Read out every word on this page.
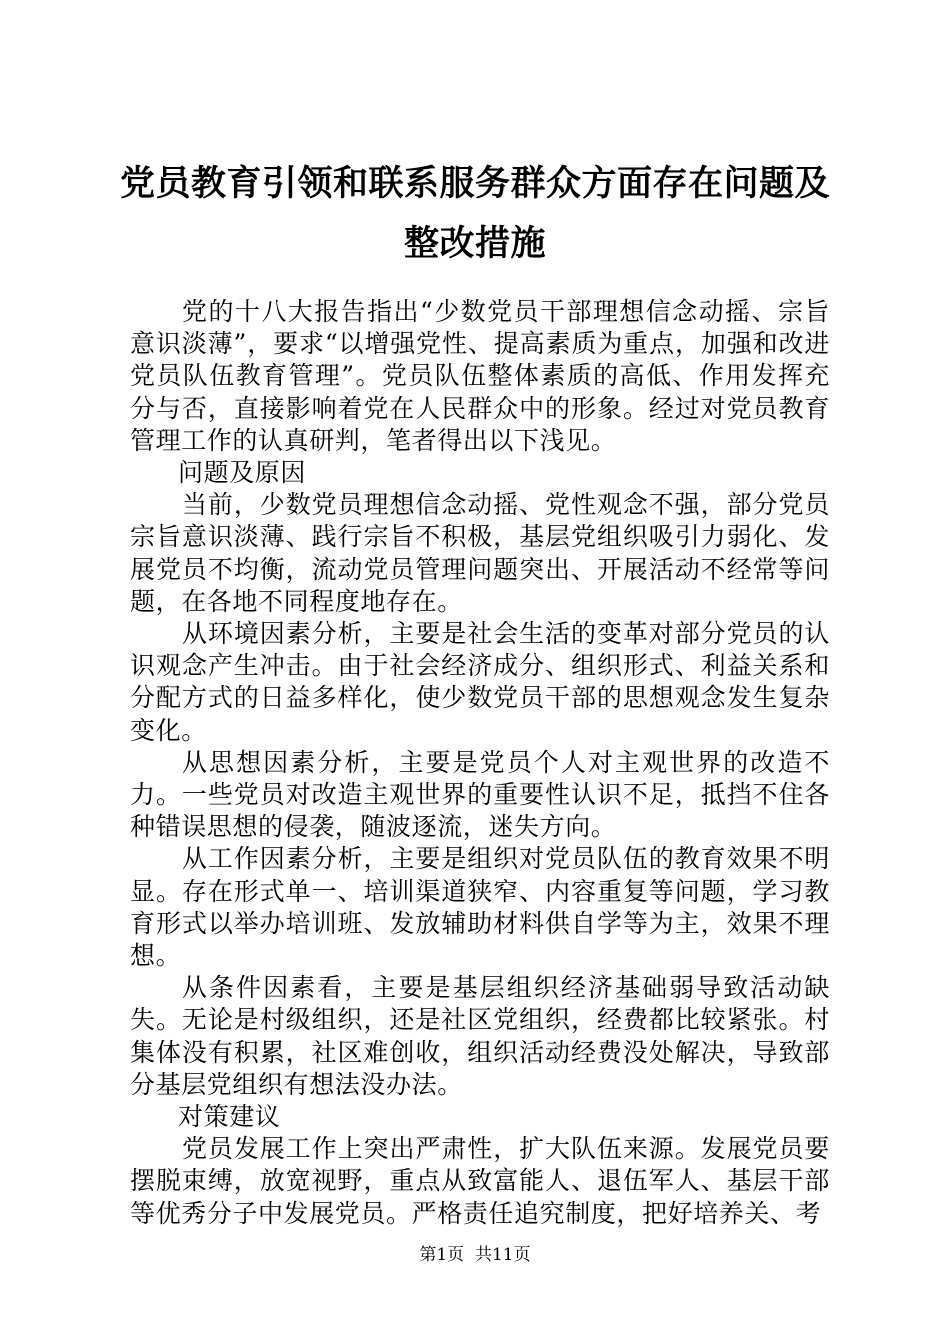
党员教育引领和联系服务群众方面存在问题及
整改措施

党的十八大报告指出“少数党员干部理想信念动摇、宗旨意识淡薄”，要求“以增强党性、提高素质为重点，加强和改进党员队伍教育管理”。党员队伍整体素质的高低、作用发挥充分与否，直接影响着党在人民群众中的形象。经过对党员教育管理工作的认真研判，笔者得出以下浅见。

问题及原因

当前，少数党员理想信念动摇、党性观念不强，部分党员宗旨意识淡薄、践行宗旨不积极，基层党组织吸引力弱化、发展党员不均衡，流动党员管理问题突出、开展活动不经常等问题，在各地不同程度地存在。

从环境因素分析，主要是社会生活的变革对部分党员的认识观念产生冲击。由于社会经济成分、组织形式、利益关系和分配方式的日益多样化，使少数党员干部的思想观念发生复杂变化。

从思想因素分析，主要是党员个人对主观世界的改造不力。一些党员对改造主观世界的重要性认识不足，抵挡不住各种错误思想的侵袭，随波逐流，迷失方向。

从工作因素分析，主要是组织对党员队伍的教育效果不明显。存在形式单一、培训渠道狭窄、内容重复等问题，学习教育形式以举办培训班、发放辅助材料供自学等为主，效果不理想。

从条件因素看，主要是基层组织经济基础弱导致活动缺失。无论是村级组织，还是社区党组织，经费都比较紧张。村集体没有积累，社区难创收，组织活动经费没处解决，导致部分基层党组织有想法没办法。

对策建议

党员发展工作上突出严肃性，扩大队伍来源。发展党员要摆脱束缚，放宽视野，重点从致富能人、退伍军人、基层干部等优秀分子中发展党员。严格责任追究制度，把好培养关、考

第1页  共11页
